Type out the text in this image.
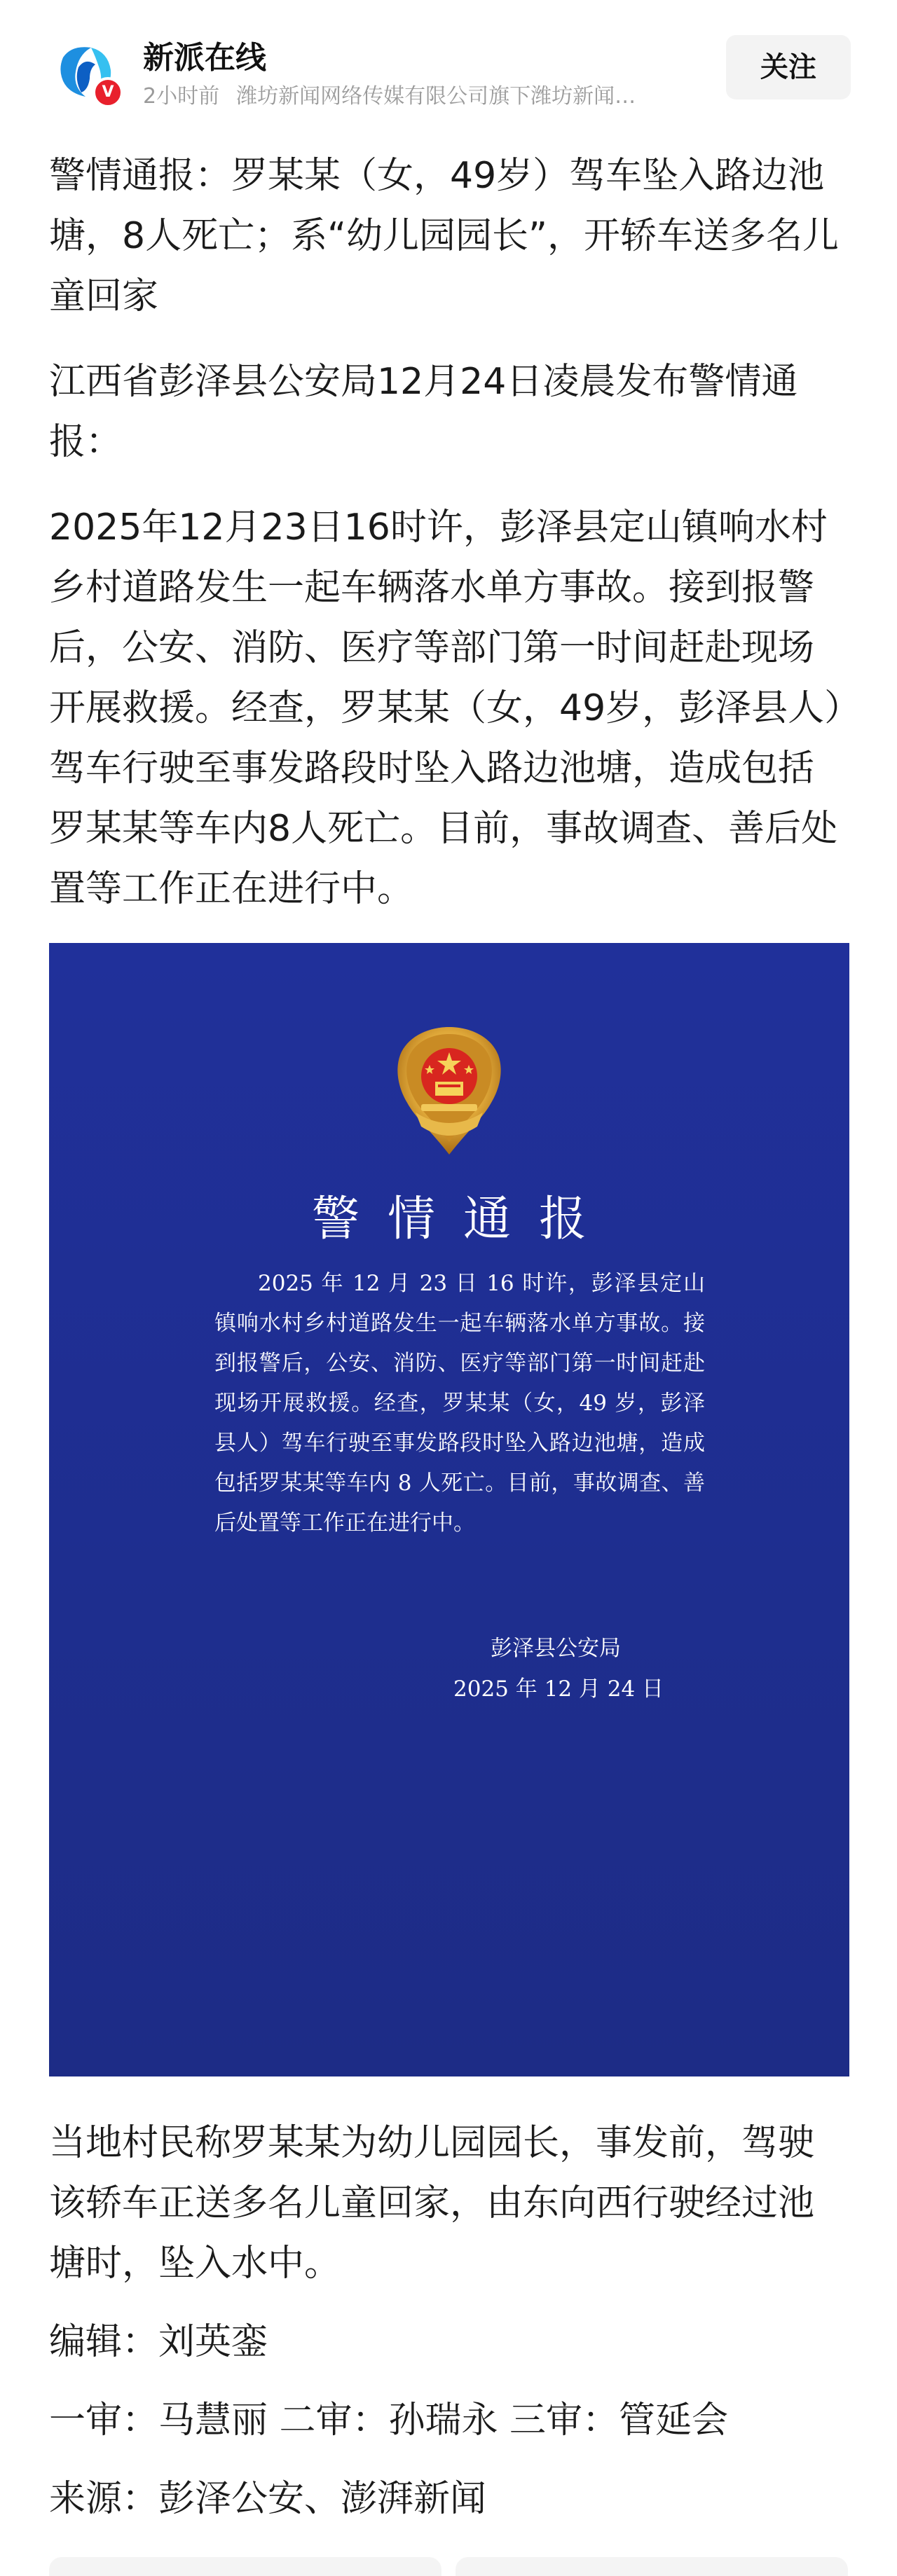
V
新派在线
2小时前 潍坊新闻网络传媒有限公司旗下潍坊新闻…
关注
警情通报：罗某某（女，49岁）驾车坠入路边池塘，8人死亡；系“幼儿园园长”，开轿车送多名儿童回家

江西省彭泽县公安局12月24日凌晨发布警情通报：

2025年12月23日16时许，彭泽县定山镇响水村乡村道路发生一起车辆落水单方事故。接到报警后，公安、消防、医疗等部门第一时间赶赴现场开展救援。经查，罗某某（女，49岁，彭泽县人）驾车行驶至事发路段时坠入路边池塘，造成包括罗某某等车内8人死亡。目前，事故调查、善后处置等工作正在进行中。

警情通报
2025 年 12 月 23 日 16 时许，彭泽县定山镇响水村乡村道路发生一起车辆落水单方事故。接到报警后，公安、消防、医疗等部门第一时间赶赴现场开展救援。经查，罗某某（女，49 岁，彭泽县人）驾车行驶至事发路段时坠入路边池塘，造成包括罗某某等车内 8 人死亡。目前，事故调查、善后处置等工作正在进行中。
彭泽县公安局
2025 年 12 月 24 日

当地村民称罗某某为幼儿园园长，事发前，驾驶该轿车正送多名儿童回家，由东向西行驶经过池塘时，坠入水中。

编辑：刘英銮

一审：马慧丽 二审：孙瑞永 三审：管延会

来源：彭泽公安、澎湃新闻
